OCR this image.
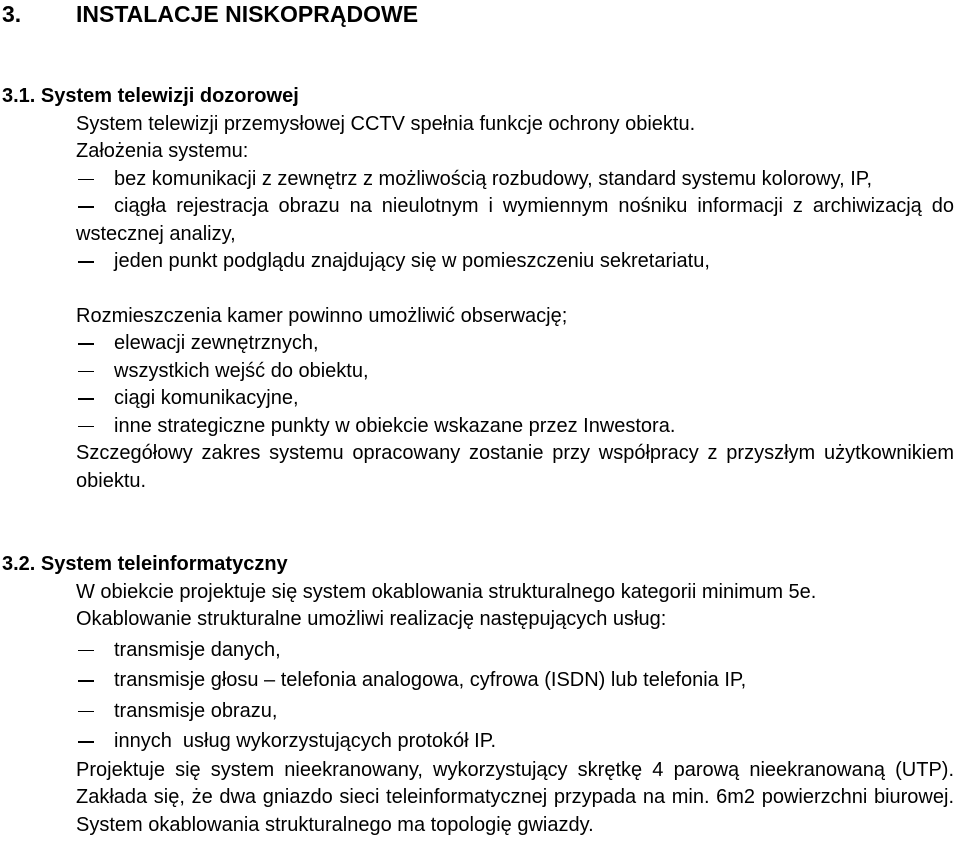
3. INSTALACJE NISKOPRĄDOWE
3.1. System telewizji dozorowej
System telewizji przemysłowej CCTV spełnia funkcje ochrony obiektu.
Założenia systemu:
bez komunikacji z zewnętrz z możliwością rozbudowy, standard systemu kolorowy, IP,
ciągła rejestracja obrazu na nieulotnym i wymiennym nośniku informacji z archiwizacją do wstecznej analizy,
jeden punkt podglądu znajdujący się w pomieszczeniu sekretariatu,
Rozmieszczenia kamer powinno umożliwić obserwację;
elewacji zewnętrznych,
wszystkich wejść do obiektu,
ciągi komunikacyjne,
inne strategiczne punkty w obiekcie wskazane przez Inwestora.
Szczegółowy zakres systemu opracowany zostanie przy współpracy z przyszłym użytkownikiem obiektu.
3.2. System teleinformatyczny
W obiekcie projektuje się system okablowania strukturalnego kategorii minimum 5e.
Okablowanie strukturalne umożliwi realizację następujących usług:
transmisje danych,
transmisje głosu – telefonia analogowa, cyfrowa (ISDN) lub telefonia IP,
transmisje obrazu,
innych  usług wykorzystujących protokół IP.
Projektuje się system nieekranowany, wykorzystujący skrętkę 4 parową nieekranowaną (UTP). Zakłada się, że dwa gniazdo sieci teleinformatycznej przypada na min. 6m2 powierzchni biurowej. System okablowania strukturalnego ma topologię gwiazdy.
